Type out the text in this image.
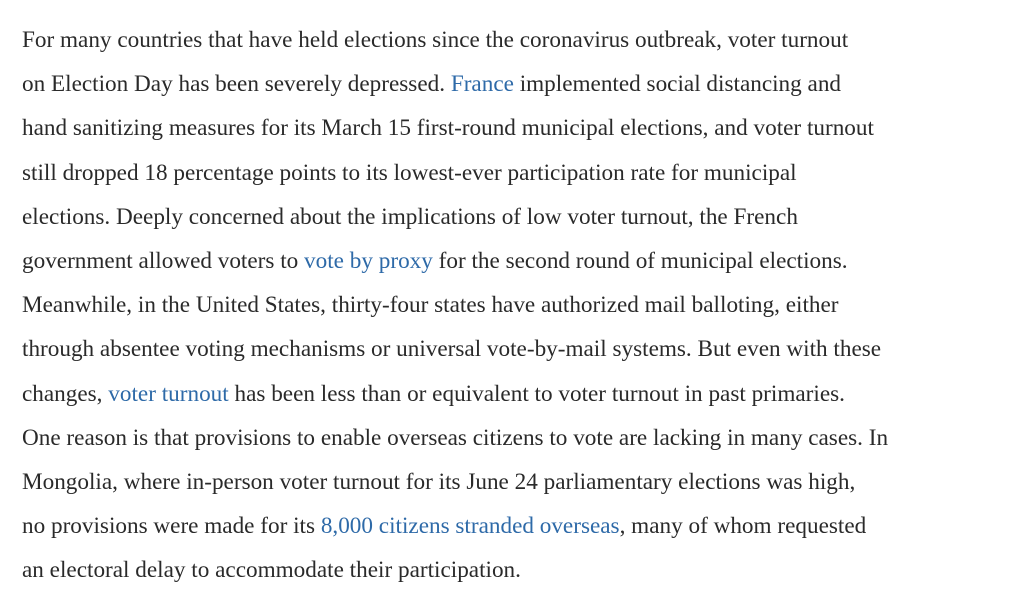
For many countries that have held elections since the coronavirus outbreak, voter turnout
on Election Day has been severely depressed. France implemented social distancing and
hand sanitizing measures for its March 15 first-round municipal elections, and voter turnout
still dropped 18 percentage points to its lowest-ever participation rate for municipal
elections. Deeply concerned about the implications of low voter turnout, the French
government allowed voters to vote by proxy for the second round of municipal elections.
Meanwhile, in the United States, thirty-four states have authorized mail balloting, either
through absentee voting mechanisms or universal vote-by-mail systems. But even with these
changes, voter turnout has been less than or equivalent to voter turnout in past primaries.
One reason is that provisions to enable overseas citizens to vote are lacking in many cases. In
Mongolia, where in-person voter turnout for its June 24 parliamentary elections was high,
no provisions were made for its 8,000 citizens stranded overseas, many of whom requested
an electoral delay to accommodate their participation.
